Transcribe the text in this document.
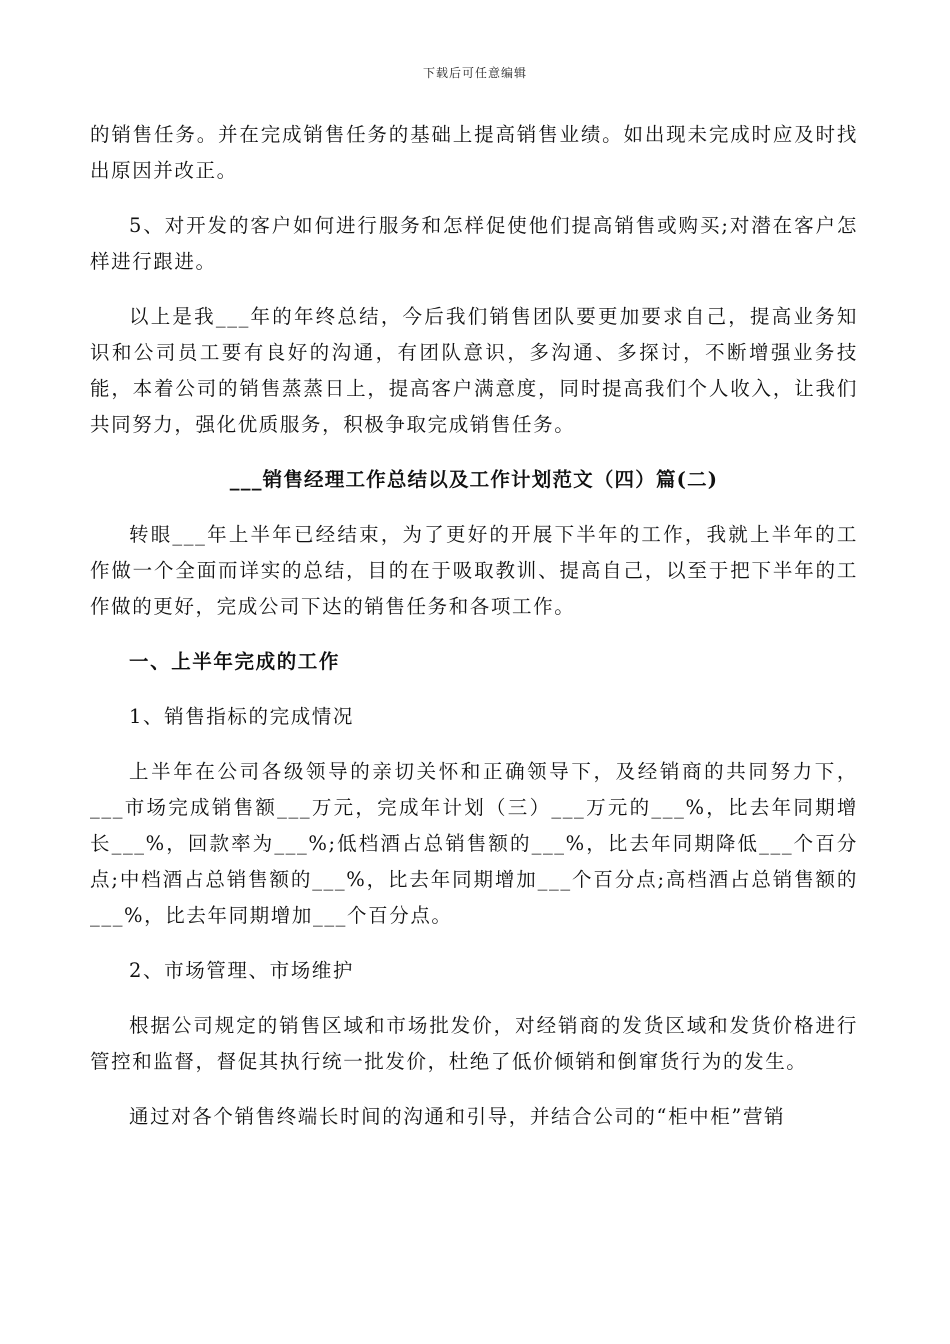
下载后可任意编辑

的销售任务。并在完成销售任务的基础上提高销售业绩。如出现未完成时应及时找出原因并改正。

5、对开发的客户如何进行服务和怎样促使他们提高销售或购买;对潜在客户怎样进行跟进。

以上是我___年的年终总结，今后我们销售团队要更加要求自己，提高业务知识和公司员工要有良好的沟通，有团队意识，多沟通、多探讨，不断增强业务技能，本着公司的销售蒸蒸日上，提高客户满意度，同时提高我们个人收入，让我们共同努力，强化优质服务，积极争取完成销售任务。

___销售经理工作总结以及工作计划范文（四）篇(二)

转眼___年上半年已经结束，为了更好的开展下半年的工作，我就上半年的工作做一个全面而详实的总结，目的在于吸取教训、提高自己，以至于把下半年的工作做的更好，完成公司下达的销售任务和各项工作。

一、上半年完成的工作

1、销售指标的完成情况

上半年在公司各级领导的亲切关怀和正确领导下，及经销商的共同努力下，___市场完成销售额___万元，完成年计划（三）___万元的___%，比去年同期增长___%，回款率为___%;低档酒占总销售额的___%，比去年同期降低___个百分点;中档酒占总销售额的___%，比去年同期增加___个百分点;高档酒占总销售额的___%，比去年同期增加___个百分点。

2、市场管理、市场维护

根据公司规定的销售区域和市场批发价，对经销商的发货区域和发货价格进行管控和监督，督促其执行统一批发价，杜绝了低价倾销和倒窜货行为的发生。

通过对各个销售终端长时间的沟通和引导，并结合公司的“柜中柜”营销
